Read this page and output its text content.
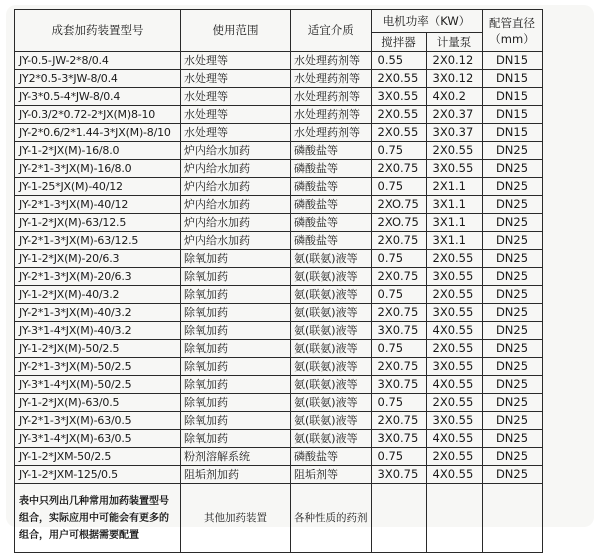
成套加药装置型号	使用范围	适宜介质	电机功率（KW）		配管直径（mm）
			搅拌器	计量泵	
JY-0.5-JW-2*8/0.4	水处理等	水处理药剂等	0.55	2X0.12	DN15
JY2*0.5-3*JW-8/0.4	水处理等	水处理药剂等	2X0.55	3X0.12	DN15
JY-3*0.5-4*JW-8/0.4	水处理等	水处理药剂等	3X0.55	4X0.2	DN15
JY-0.3/2*0.72-2*JX(M)8-10	水处理等	水处理药剂等	2X0.55	2X0.37	DN15
JY-2*0.6/2*1.44-3*JX(M)-8/10	水处理等	水处理药剂等	2X0.55	3X0.37	DN15
JY-1-2*JX(M)-16/8.0	炉内给水加药	磷酸盐等	0.75	2X0.55	DN25
JY-2*1-3*JX(M)-16/8.0	炉内给水加药	磷酸盐等	2X0.75	3X0.55	DN25
JY-1-25*JX(M)-40/12	炉内给水加药	磷酸盐等	0.75	2X1.1	DN25
JY-2*1-3*JX(M)-40/12	炉内给水加药	磷酸盐等	2XO.75	3X1.1	DN25
JY-1-2*JX(M)-63/12.5	炉内给水加药	磷酸盐等	2XO.75	3X1.1	DN25
JY-2*1-3*JX(M)-63/12.5	炉内给水加药	磷酸盐等	2X0.75	3X1.1	DN25
JY-1-2*JX(M)-20/6.3	除氧加药	氨(联氨)液等	0.75	2X0.55	DN25
JY-2*1-3*JX(M)-20/6.3	除氧加药	氨(联氨)液等	2X0.75	3X0.55	DN25
JY-1-2*JX(M)-40/3.2	除氧加药	氨(联氨)液等	0.75	2X0.55	DN25
JY-2*1-3*JX(M)-40/3.2	除氧加药	氨(联氨)液等	2X0.75	3X0.55	DN25
JY-3*1-4*JX(M)-40/3.2	除氧加药	氨(联氨)液等	3X0.75	4X0.55	DN25
JY-1-2*JX(M)-50/2.5	除氧加药	氨(联氨)液等	0.75	2X0.55	DN25
JY-2*1-3*JX(M)-50/2.5	除氧加药	氨(联氨)液等	2X0.75	3X0.55	DN25
JY-3*1-4*JX(M)-50/2.5	除氧加药	氨(联氨)液等	3X0.75	4X0.55	DN25
JY-1-2*JX(M)-63/0.5	除氧加药	氨(联氨)液等	0.75	2X0.55	DN25
JY-2*1-3*JX(M)-63/0.5	除氧加药	氨(联氨)液等	2X0.75	3X0.55	DN25
JY-3*1-4*JX(M)-63/0.5	除氧加药	氨(联氨)液等	3X0.75	4X0.55	DN25
JY-1-2*JXM-50/2.5	粉剂溶解系统	磷酸盐等	0.75	2X0.55	DN25
JY-1-2*JXM-125/0.5	阻垢剂加药	阻垢剂等	3X0.75	4X0.55	DN25
表中只列出几种常用加药装置型号组合，实际应用中可能会有更多的组合，用户可根据需要配置	其他加药装置	各种性质的药剂			
